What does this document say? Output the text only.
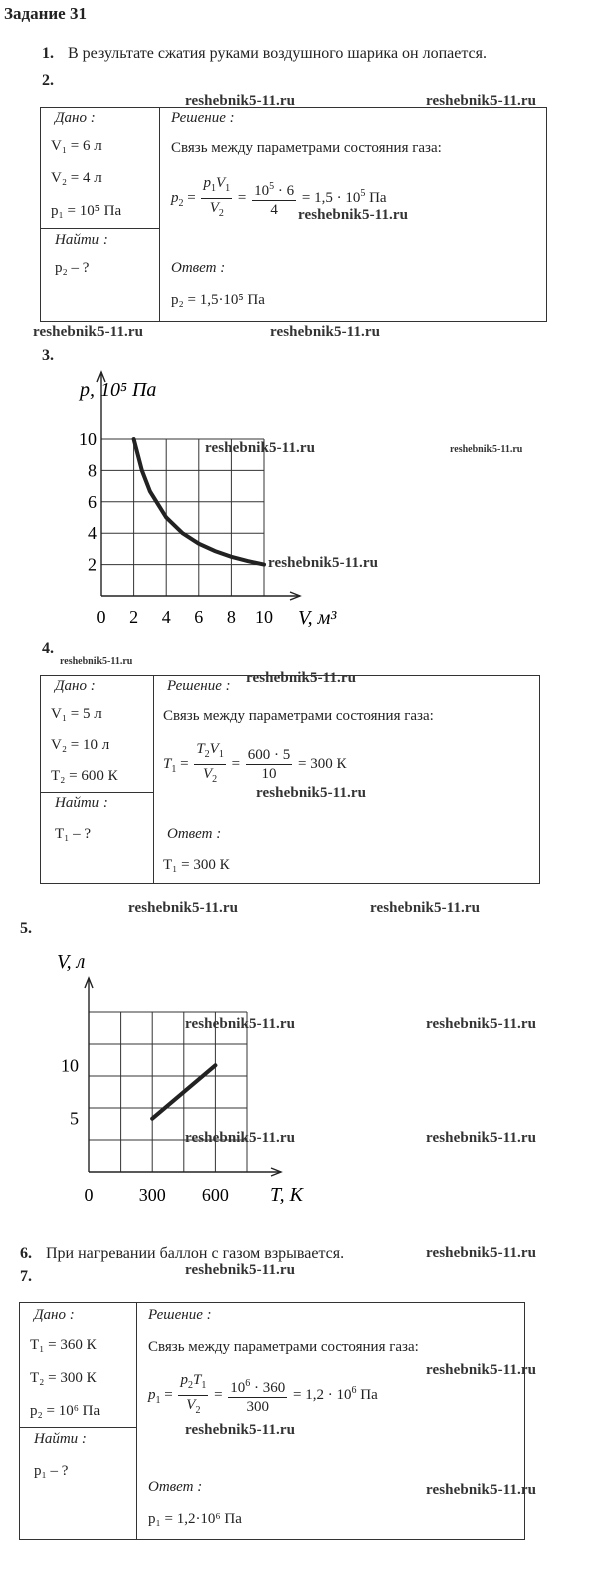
Задание 31
1. В результате сжатия руками воздушного шарика он лопается.
2.
reshebnik5-11.ru	reshebnik5-11.ru
Дано :
V₁ = 6 л
V₂ = 4 л
p₁ = 10⁵ Па
Найти :
p₂ – ?
Решение :
Связь между параметрами состояния газа:
$p_2 = \frac{p_1V_1}{V_2} = \frac{10^5 \cdot 6}{4} = 1,5 \cdot 10^5$ Па
Ответ :
p₂ = 1,5·10⁵ Па
reshebnik5-11.ru
reshebnik5-11.ru	reshebnik5-11.ru
3.
0 2 4 6 8 10
2
4
6
8
10
p, 10⁵ Па
V, м³
reshebnik5-11.ru	reshebnik5-11.ru
reshebnik5-11.ru
4.
reshebnik5-11.ru
Дано :
V₁ = 5 л
V₂ = 10 л
T₂ = 600 К
Найти :
T₁ – ?
Решение :
Связь между параметрами состояния газа:
$T_1 = \frac{T_2V_1}{V_2} = \frac{600 \cdot 5}{10} = 300$ К
Ответ :
T₁ = 300 К
reshebnik5-11.ru
reshebnik5-11.ru
reshebnik5-11.ru	reshebnik5-11.ru
5.
0	300 600
5
10
V, л
T, К
reshebnik5-11.ru	reshebnik5-11.ru
reshebnik5-11.ru	reshebnik5-11.ru
6. При нагревании баллон с газом взрывается.	reshebnik5-11.ru
7.	reshebnik5-11.ru
Дано :
T₁ = 360 К
T₂ = 300 К
p₂ = 10⁶ Па
Найти :
p₁ – ?
Решение :
Связь между параметрами состояния газа:
$p_1 = \frac{p_2T_1}{V_2} = \frac{10^6 \cdot 360}{300} = 1,2 \cdot 10^6$ Па
Ответ :
p₁ = 1,2·10⁶ Па
reshebnik5-11.ru
reshebnik5-11.ru
reshebnik5-11.ru
